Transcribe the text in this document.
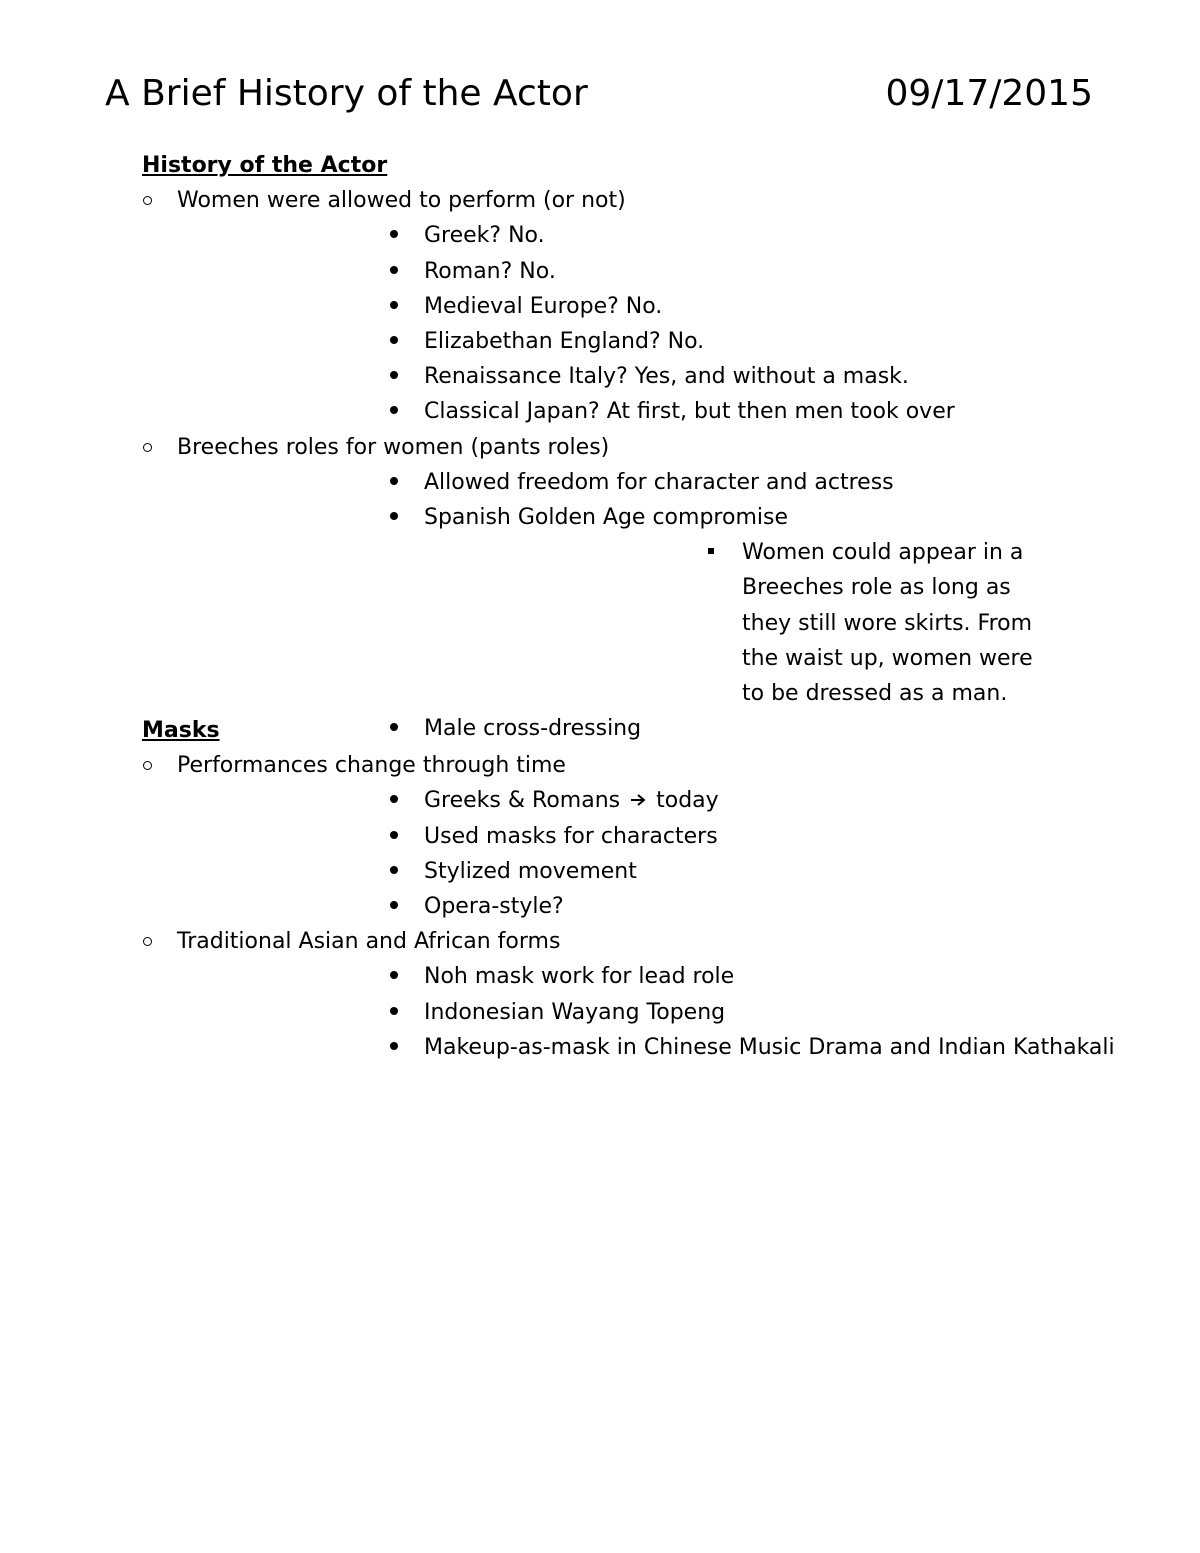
A Brief History of the Actor	09/17/2015
History of the Actor
Women were allowed to perform (or not)
Greek? No.
Roman? No.
Medieval Europe? No.
Elizabethan England? No.
Renaissance Italy? Yes, and without a mask.
Classical Japan? At first, but then men took over
Breeches roles for women (pants roles)
Allowed freedom for character and actress
Spanish Golden Age compromise
Women could appear in a Breeches role as long as they still wore skirts. From the waist up, women were to be dressed as a man.
Male cross-dressing
Masks
Performances change through time
Greeks & Romans today
Used masks for characters
Stylized movement
Opera-style?
Traditional Asian and African forms
Noh mask work for lead role
Indonesian Wayang Topeng
Makeup-as-mask in Chinese Music Drama and Indian Kathakali
